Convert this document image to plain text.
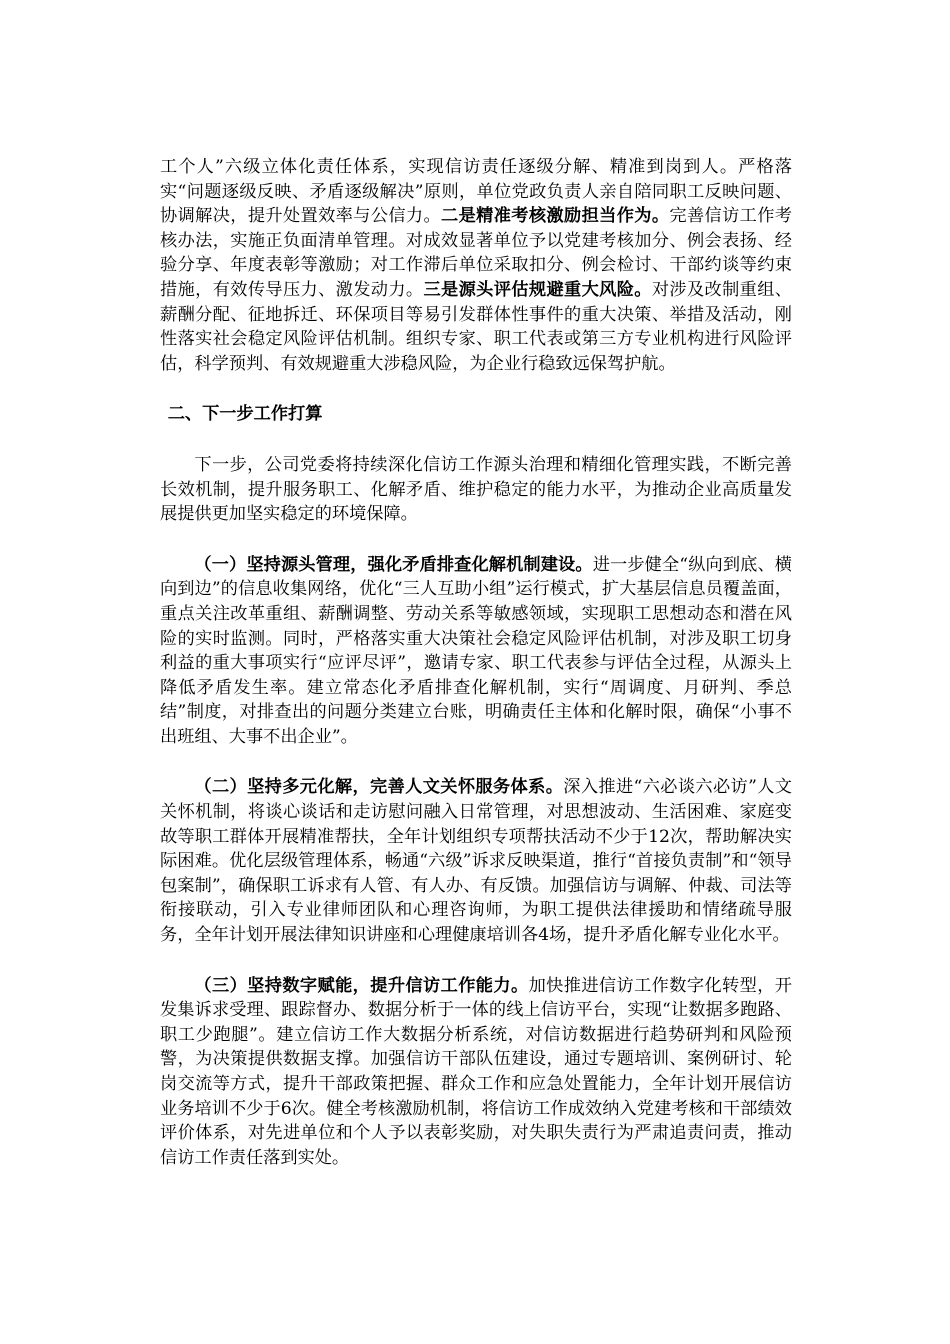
工个人”六级立体化责任体系，实现信访责任逐级分解、精准到岗到人。严格落实“问题逐级反映、矛盾逐级解决”原则，单位党政负责人亲自陪同职工反映问题、协调解决，提升处置效率与公信力。二是精准考核激励担当作为。完善信访工作考核办法，实施正负面清单管理。对成效显著单位予以党建考核加分、例会表扬、经验分享、年度表彰等激励；对工作滞后单位采取扣分、例会检讨、干部约谈等约束措施，有效传导压力、激发动力。三是源头评估规避重大风险。对涉及改制重组、薪酬分配、征地拆迁、环保项目等易引发群体性事件的重大决策、举措及活动，刚性落实社会稳定风险评估机制。组织专家、职工代表或第三方专业机构进行风险评估，科学预判、有效规避重大涉稳风险，为企业行稳致远保驾护航。

二、下一步工作打算

下一步，公司党委将持续深化信访工作源头治理和精细化管理实践，不断完善长效机制，提升服务职工、化解矛盾、维护稳定的能力水平，为推动企业高质量发展提供更加坚实稳定的环境保障。

（一）坚持源头管理，强化矛盾排查化解机制建设。进一步健全“纵向到底、横向到边”的信息收集网络，优化“三人互助小组”运行模式，扩大基层信息员覆盖面，重点关注改革重组、薪酬调整、劳动关系等敏感领域，实现职工思想动态和潜在风险的实时监测。同时，严格落实重大决策社会稳定风险评估机制，对涉及职工切身利益的重大事项实行“应评尽评”，邀请专家、职工代表参与评估全过程，从源头上降低矛盾发生率。建立常态化矛盾排查化解机制，实行“周调度、月研判、季总结”制度，对排查出的问题分类建立台账，明确责任主体和化解时限，确保“小事不出班组、大事不出企业”。

（二）坚持多元化解，完善人文关怀服务体系。深入推进“六必谈六必访”人文关怀机制，将谈心谈话和走访慰问融入日常管理，对思想波动、生活困难、家庭变故等职工群体开展精准帮扶，全年计划组织专项帮扶活动不少于12次，帮助解决实际困难。优化层级管理体系，畅通“六级”诉求反映渠道，推行“首接负责制”和“领导包案制”，确保职工诉求有人管、有人办、有反馈。加强信访与调解、仲裁、司法等衔接联动，引入专业律师团队和心理咨询师，为职工提供法律援助和情绪疏导服务，全年计划开展法律知识讲座和心理健康培训各4场，提升矛盾化解专业化水平。

（三）坚持数字赋能，提升信访工作能力。加快推进信访工作数字化转型，开发集诉求受理、跟踪督办、数据分析于一体的线上信访平台，实现“让数据多跑路、职工少跑腿”。建立信访工作大数据分析系统，对信访数据进行趋势研判和风险预警，为决策提供数据支撑。加强信访干部队伍建设，通过专题培训、案例研讨、轮岗交流等方式，提升干部政策把握、群众工作和应急处置能力，全年计划开展信访业务培训不少于6次。健全考核激励机制，将信访工作成效纳入党建考核和干部绩效评价体系，对先进单位和个人予以表彰奖励，对失职失责行为严肃追责问责，推动信访工作责任落到实处。
